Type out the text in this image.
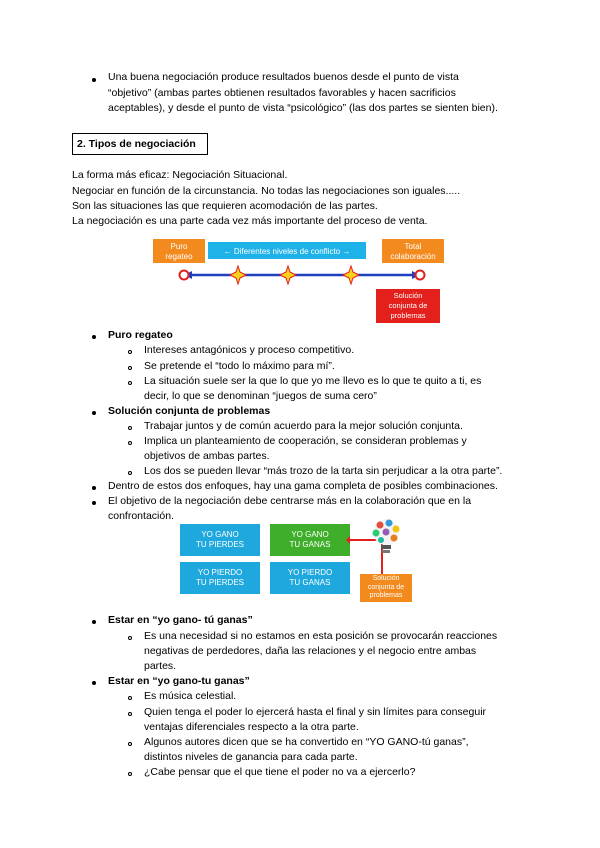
Una buena negociación produce resultados buenos desde el punto de vista
“objetivo” (ambas partes obtienen resultados favorables y hacen sacrificios
aceptables), y desde el punto de vista “psicológico” (las dos partes se sienten bien).
2. Tipos de negociación
La forma más eficaz: Negociación Situacional.
Negociar en función de la circunstancia. No todas las negociaciones son iguales.....
Son las situaciones las que requieren acomodación de las partes.
La negociación es una parte cada vez más importante del proceso de venta.
Puro
regateo
← Diferentes niveles de conflicto →
Total
colaboración
Solución
conjunta de
problemas
Puro regateo
Intereses antagónicos y proceso competitivo.
Se pretende el “todo lo máximo para mí”.
La situación suele ser la que lo que yo me llevo es lo que te quito a ti, es
decir, lo que se denominan “juegos de suma cero”
Solución conjunta de problemas
Trabajar juntos y de común acuerdo para la mejor solución conjunta.
Implica un planteamiento de cooperación, se consideran problemas y
objetivos de ambas partes.
Los dos se pueden llevar “más trozo de la tarta sin perjudicar a la otra parte”.
Dentro de estos dos enfoques, hay una gama completa de posibles combinaciones.
El objetivo de la negociación debe centrarse más en la colaboración que en la
confrontación.
YO GANO
TU PIERDES
YO GANO
TU GANAS
YO PIERDO
TU PIERDES
YO PIERDO
TU GANAS	Solución
conjunta de
problemas
Estar en “yo gano- tú ganas”
Es una necesidad si no estamos en esta posición se provocarán reacciones
negativas de perdedores, daña las relaciones y el negocio entre ambas
partes.
Estar en “yo gano-tu ganas”
Es música celestial.
Quien tenga el poder lo ejercerá hasta el final y sin límites para conseguir
ventajas diferenciales respecto a la otra parte.
Algunos autores dicen que se ha convertido en “YO GANO-tú ganas”,
distintos niveles de ganancia para cada parte.
¿Cabe pensar que el que tiene el poder no va a ejercerlo?
